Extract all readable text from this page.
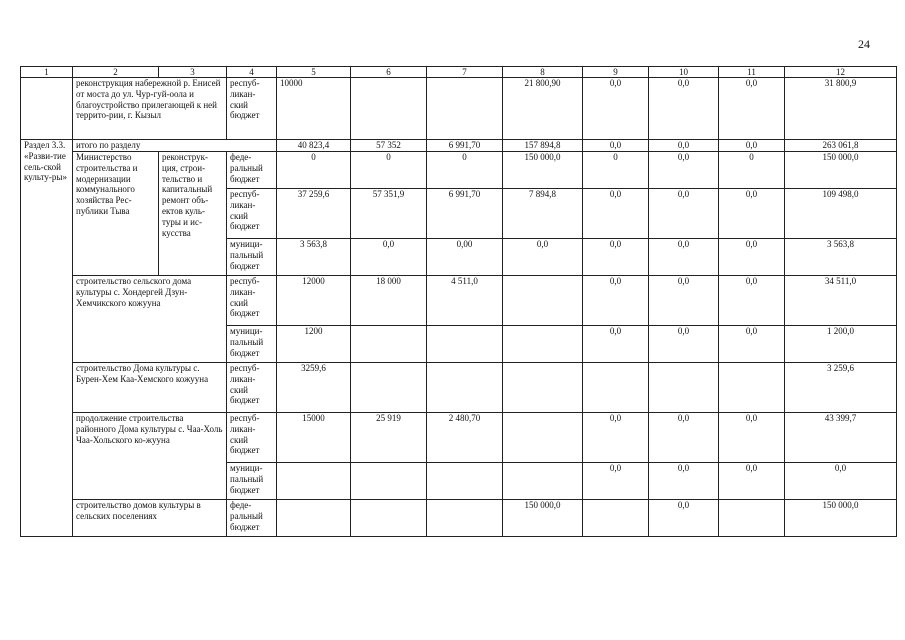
24
1	2	3	4	5	6	7	8	9	10	11	12
	реконструкция набережной р. Енисей от моста до ул. Чур-гуй-оола и благоустройство прилегающей к ней террито-рии, г. Кызыл		респуб-ликан-ский бюджет	10000			21 800,90	0,0	0,0	0,0	31 800,9
Раздел 3.3. «Разви-тие сель-ской культу-ры»	итого по разделу			40 823,4	57 352	6 991,70	157 894,8	0,0	0,0	0,0	263 061,8
	Министерство строительства и модернизации коммунального хозяйства Рес-публики Тыва	реконструк-ция, строи-тельство и капитальный ремонт объ-ектов куль-туры и ис-кусства	феде-ральный бюджет	0	0	0	150 000,0	0	0,0	0	150 000,0
			респуб-ликан-ский бюджет	37 259,6	57 351,9	6 991,70	7 894,8	0,0	0,0	0,0	109 498,0
			муници-пальный бюджет	3 563,8	0,0	0,00	0,0	0,0	0,0	0,0	3 563,8
	строительство сельского дома культуры с. Хондергей Дзун-Хемчикского кожууна		респуб-ликан-ский бюджет	12000	18 000	4 511,0		0,0	0,0	0,0	34 511,0
			муници-пальный бюджет	1200				0,0	0,0	0,0	1 200,0
	строительство Дома культуры с. Бурен-Хем Каа-Хемского кожууна		респуб-ликан-ский бюджет	3259,6							3 259,6
	продолжение строительства районного Дома культуры с. Чаа-Холь Чаа-Хольского ко-жууна		респуб-ликан-ский бюджет	15000	25 919	2 480,70		0,0	0,0	0,0	43 399,7
			муници-пальный бюджет					0,0	0,0	0,0	0,0
	строительство домов культуры в сельских поселениях		феде-ральный бюджет				150 000,0		0,0		150 000,0
